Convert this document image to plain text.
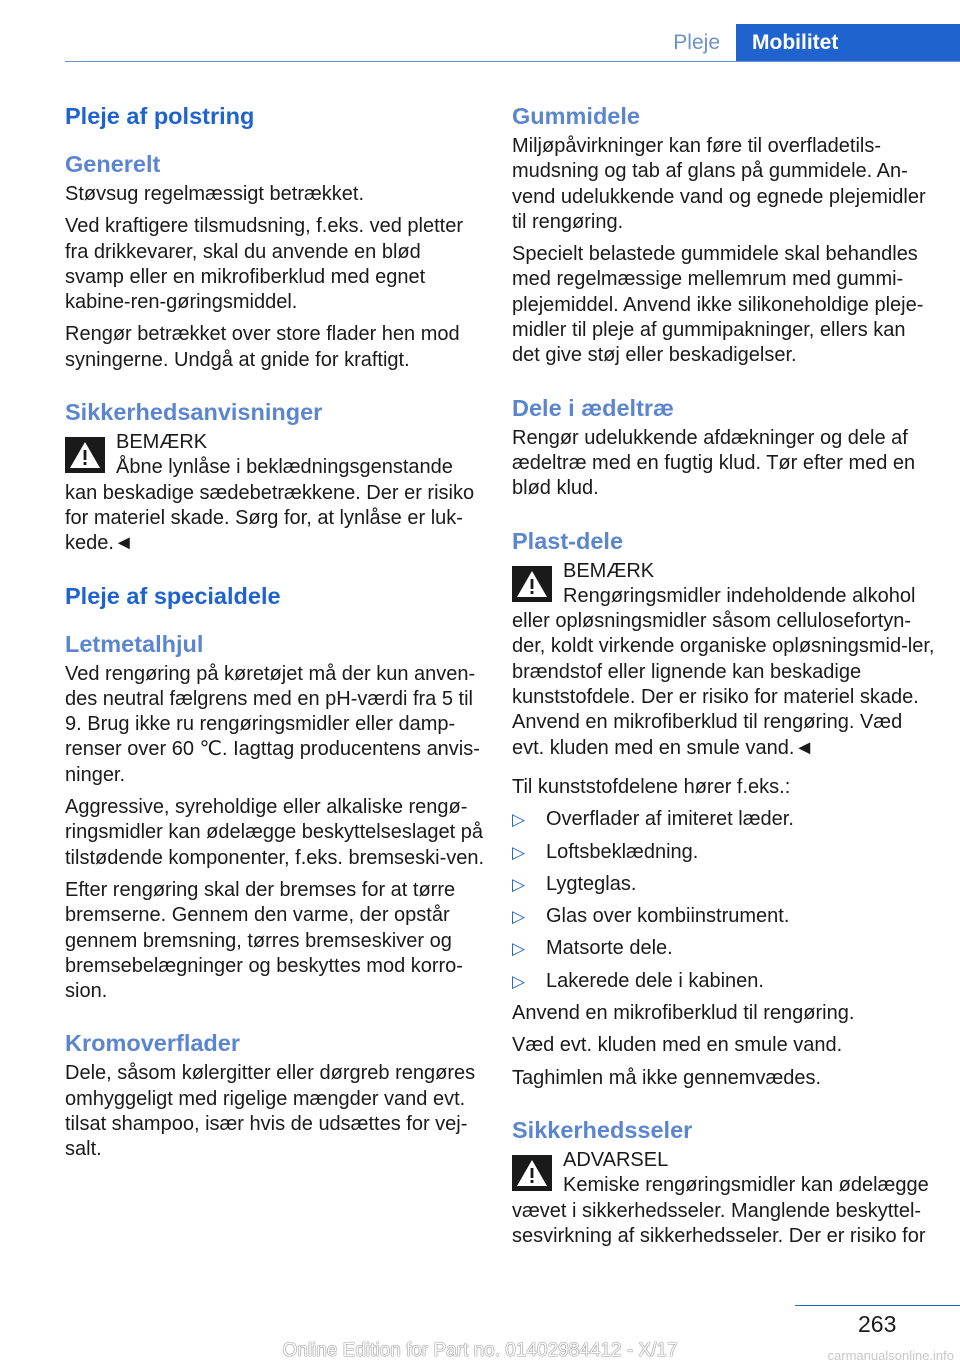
Pleje	Mobilitet
Pleje af polstring
Generelt
Støvsug regelmæssigt betrækket.
Ved kraftigere tilsmudsning, f.eks. ved pletter fra drikkevarer, skal du anvende en blød svamp eller en mikrofiberklud med egnet kabine-ren-gøringsmiddel.
Rengør betrækket over store flader hen mod syningerne. Undgå at gnide for kraftigt.
Sikkerhedsanvisninger
BEMÆRK
Åbne lynlåse i beklædningsgenstande
kan beskadige sædebetrækkene. Der er risiko for materiel skade. Sørg for, at lynlåse er luk-kede.◄
Pleje af specialdele
Letmetalhjul
Ved rengøring på køretøjet må der kun anven-des neutral fælgrens med en pH-værdi fra 5 til 9. Brug ikke ru rengøringsmidler eller damp-renser over 60 ℃. Iagttag producentens anvis-ninger.
Aggressive, syreholdige eller alkaliske rengø-ringsmidler kan ødelægge beskyttelseslaget på tilstødende komponenter, f.eks. bremseski-ven.
Efter rengøring skal der bremses for at tørre bremserne. Gennem den varme, der opstår gennem bremsning, tørres bremseskiver og bremsebelægninger og beskyttes mod korro-sion.
Kromoverflader
Dele, såsom kølergitter eller dørgreb rengøres omhyggeligt med rigelige mængder vand evt. tilsat shampoo, især hvis de udsættes for vej-salt.
Gummidele
Miljøpåvirkninger kan føre til overfladetils-mudsning og tab af glans på gummidele. An-vend udelukkende vand og egnede plejemidler til rengøring.
Specielt belastede gummidele skal behandles med regelmæssige mellemrum med gummi-plejemiddel. Anvend ikke silikoneholdige pleje-midler til pleje af gummipakninger, ellers kan det give støj eller beskadigelser.
Dele i ædeltræ
Rengør udelukkende afdækninger og dele af ædeltræ med en fugtig klud. Tør efter med en blød klud.
Plast-dele
BEMÆRK
Rengøringsmidler indeholdende alkohol
eller opløsningsmidler såsom cellulosefortyn-der, koldt virkende organiske opløsningsmid-ler, brændstof eller lignende kan beskadige kunststofdele. Der er risiko for materiel skade. Anvend en mikrofiberklud til rengøring. Væd evt. kluden med en smule vand.◄
Til kunststofdelene hører f.eks.:
▷	Overflader af imiteret læder.
▷	Loftsbeklædning.
▷	Lygteglas.
▷	Glas over kombiinstrument.
▷	Matsorte dele.
▷	Lakerede dele i kabinen.
Anvend en mikrofiberklud til rengøring.
Væd evt. kluden med en smule vand.
Taghimlen må ikke gennemvædes.
Sikkerhedsseler
ADVARSEL
Kemiske rengøringsmidler kan ødelægge
vævet i sikkerhedsseler. Manglende beskyttel-sesvirkning af sikkerhedsseler. Der er risiko for
263
Online Edition for Part no. 01402984412 - X/17	carmanualsonline.info
